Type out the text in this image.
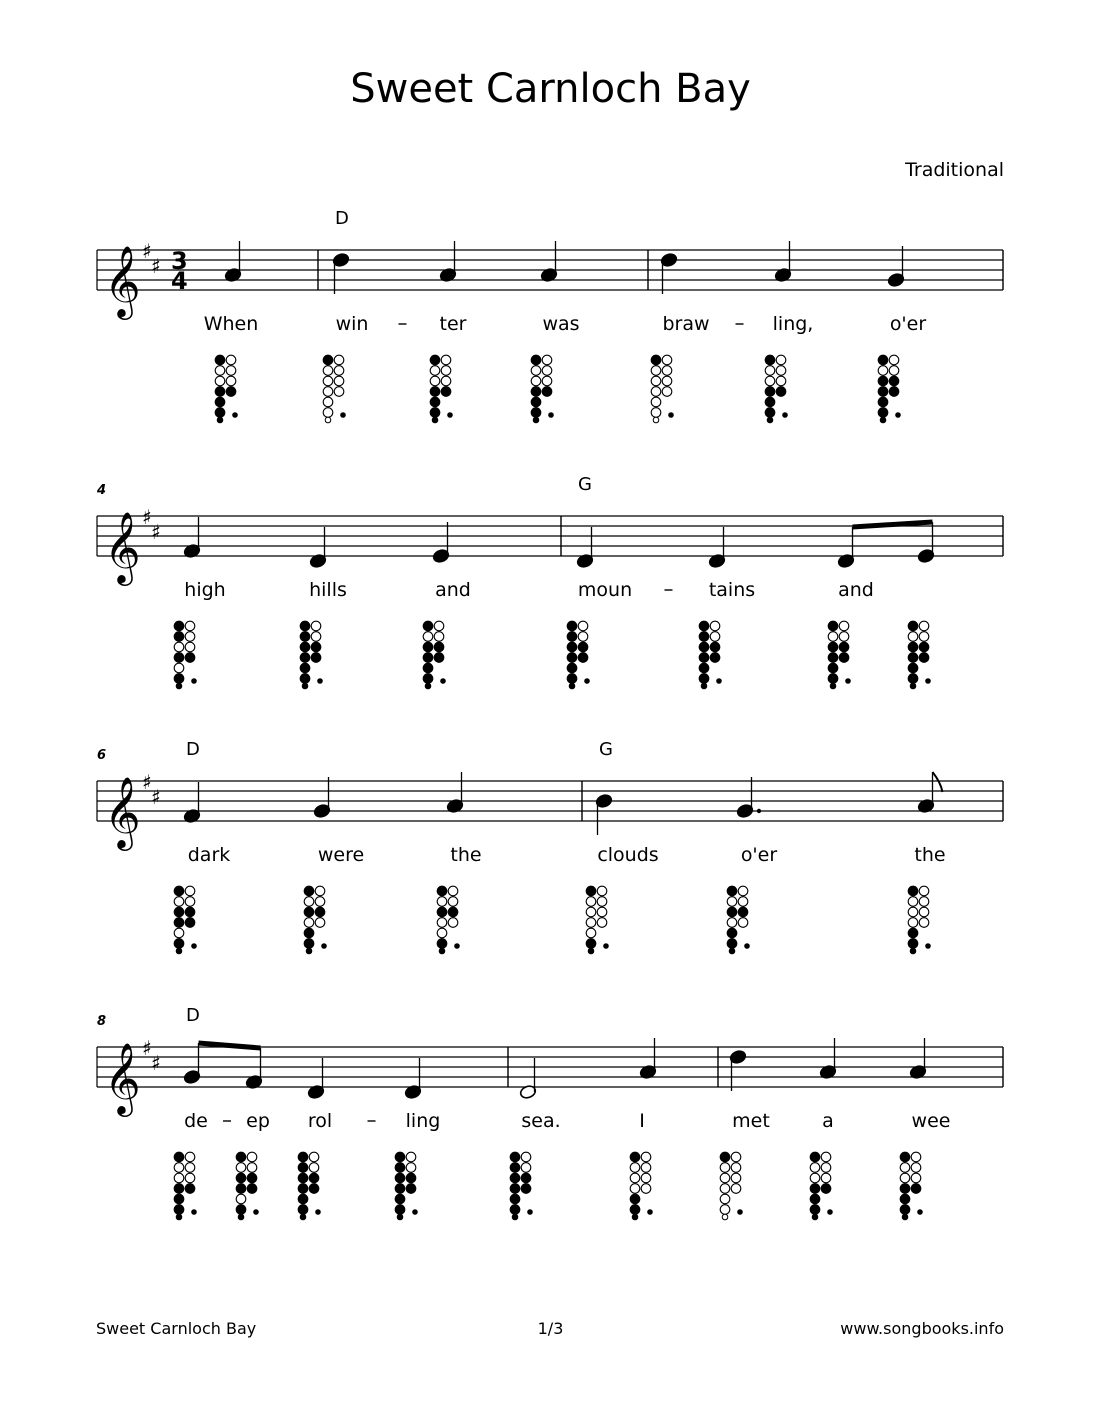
Sweet Carnloch Bay
Traditional
𝄞 ♯
♯ 3
4
When
D
win	ter	was	braw	ling,	o'er
𝄞 ♯
♯
4
high	hills	and
G
moun	tains	and
𝄞 ♯
♯
6	D
dark	were	the
G
clouds	o'er	the
𝄞 ♯
♯
8	D
de ep rol	ling	sea.	I	met	a	wee
Sweet Carnloch Bay	1/3	www.songbooks.info
